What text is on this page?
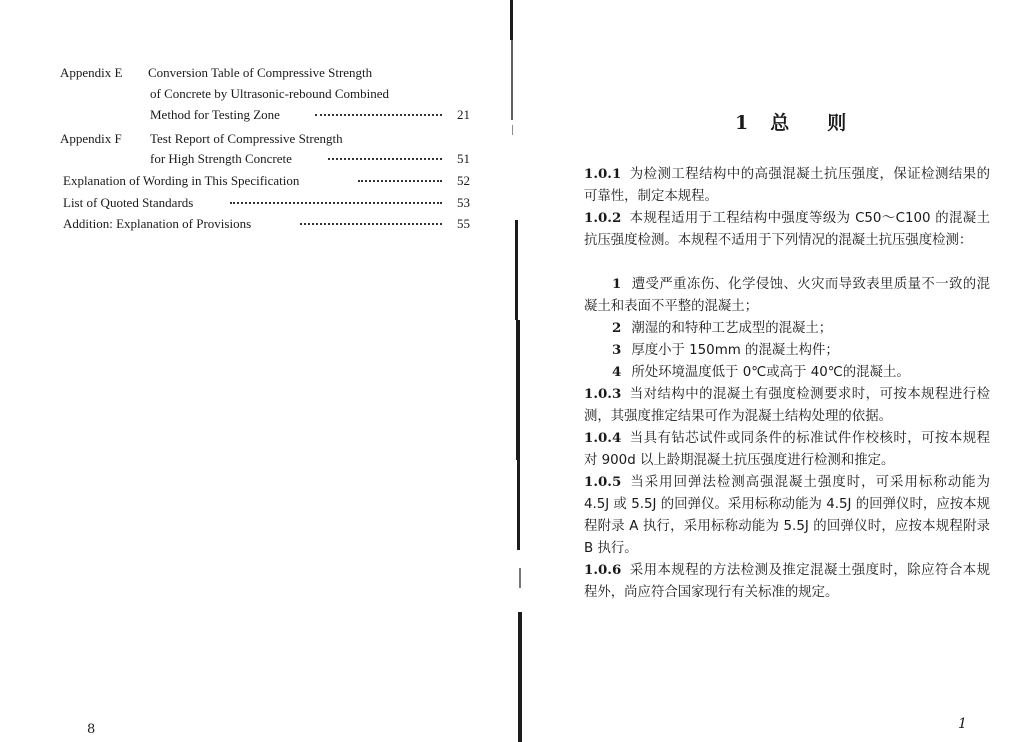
Appendix E Conversion Table of Compressive Strength
of Concrete by Ultrasonic-rebound Combined
Method for Testing Zone	21
Appendix F Test Report of Compressive Strength
for High Strength Concrete	51
Explanation of Wording in This Specification	52
List of Quoted Standards	53
Addition: Explanation of Provisions	55
8
1 总 则
1.0.1 为检测工程结构中的高强混凝土抗压强度，保证检测结果的可靠性，制定本规程。
1.0.2 本规程适用于工程结构中强度等级为 C50～C100 的混凝土抗压强度检测。本规程不适用于下列情况的混凝土抗压强度检测：
1 遭受严重冻伤、化学侵蚀、火灾而导致表里质量不一致的混凝土和表面不平整的混凝土；
2 潮湿的和特种工艺成型的混凝土；
3 厚度小于 150mm 的混凝土构件；
4 所处环境温度低于 0℃或高于 40℃的混凝土。
1.0.3 当对结构中的混凝土有强度检测要求时，可按本规程进行检测，其强度推定结果可作为混凝土结构处理的依据。
1.0.4 当具有钻芯试件或同条件的标准试件作校核时，可按本规程对 900d 以上龄期混凝土抗压强度进行检测和推定。
1.0.5 当采用回弹法检测高强混凝土强度时，可采用标称动能为 4.5J 或 5.5J 的回弹仪。采用标称动能为 4.5J 的回弹仪时，应按本规程附录 A 执行，采用标称动能为 5.5J 的回弹仪时，应按本规程附录 B 执行。
1.0.6 采用本规程的方法检测及推定混凝土强度时，除应符合本规程外，尚应符合国家现行有关标准的规定。
1
